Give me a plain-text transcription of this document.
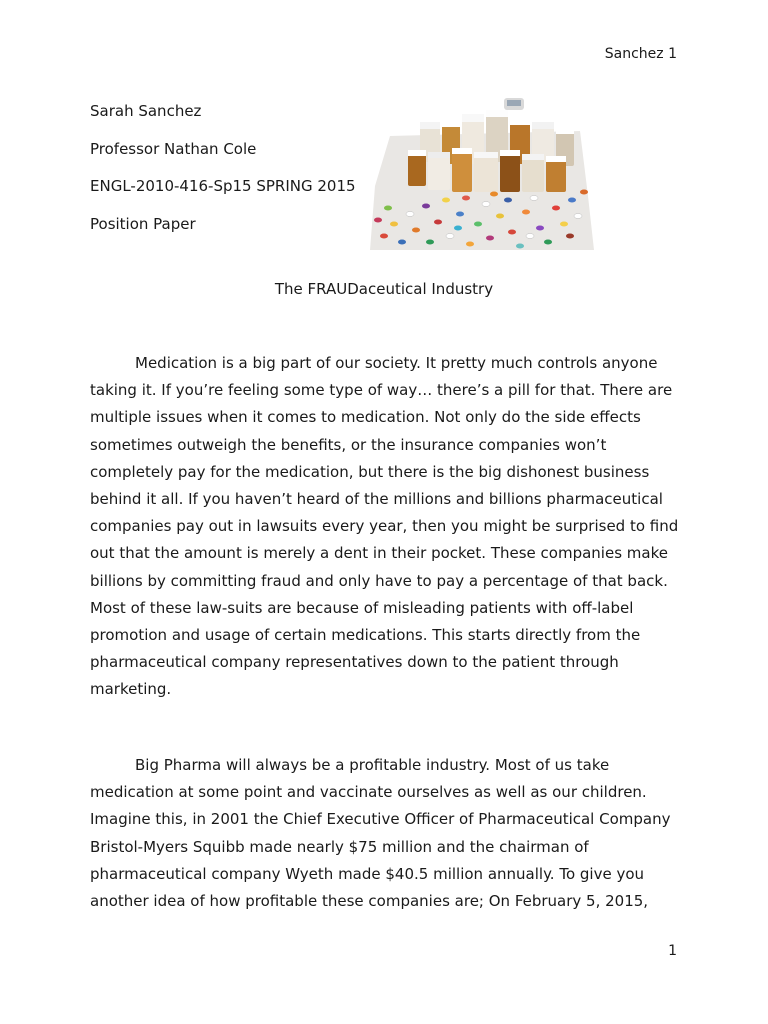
Sanchez 1
Sarah Sanchez
Professor Nathan Cole
ENGL-2010-416-Sp15 SPRING 2015
Position Paper
The FRAUDaceutical Industry
Medication is a big part of our society. It pretty much controls anyone taking it. If you’re feeling some type of way… there’s a pill for that. There are multiple issues when it comes to medication. Not only do the side effects sometimes outweigh the benefits, or the insurance companies won’t completely pay for the medication, but there is the big dishonest business behind it all. If you haven’t heard of the millions and billions pharmaceutical companies pay out in lawsuits every year, then you might be surprised to find out that the amount is merely a dent in their pocket. These companies make billions by committing fraud and only have to pay a percentage of that back. Most of these law-suits are because of misleading patients with off-label promotion and usage of certain medications. This starts directly from the pharmaceutical company representatives down to the patient through marketing.
Big Pharma will always be a profitable industry. Most of us take medication at some point and vaccinate ourselves as well as our children. Imagine this, in 2001 the Chief Executive Officer of Pharmaceutical Company Bristol-Myers Squibb made nearly $75 million and the chairman of pharmaceutical company Wyeth made $40.5 million annually. To give you another idea of how profitable these companies are; On February 5, 2015,
1
